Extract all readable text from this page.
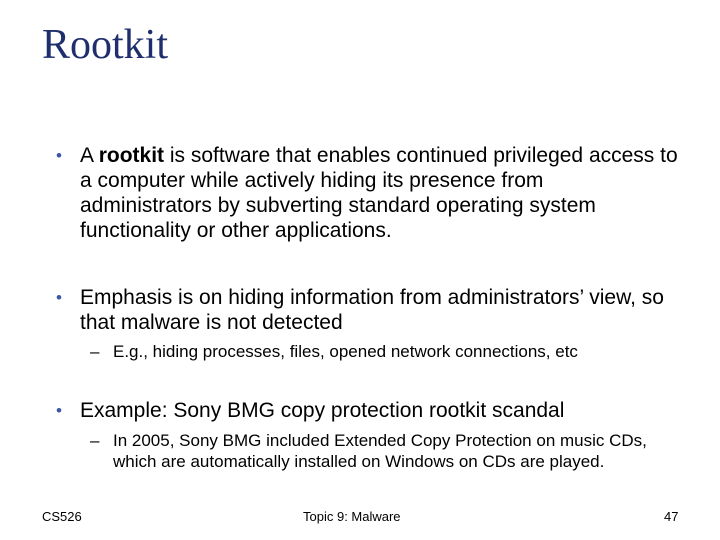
Rootkit
• A rootkit is software that enables continued privileged access to a computer while actively hiding its presence from administrators by subverting standard operating system functionality or other applications.
• Emphasis is on hiding information from administrators’ view, so that malware is not detected
– E.g., hiding processes, files, opened network connections, etc
• Example: Sony BMG copy protection rootkit scandal
– In 2005, Sony BMG included Extended Copy Protection on music CDs, which are automatically installed on Windows on CDs are played.
CS526	Topic 9: Malware	47
